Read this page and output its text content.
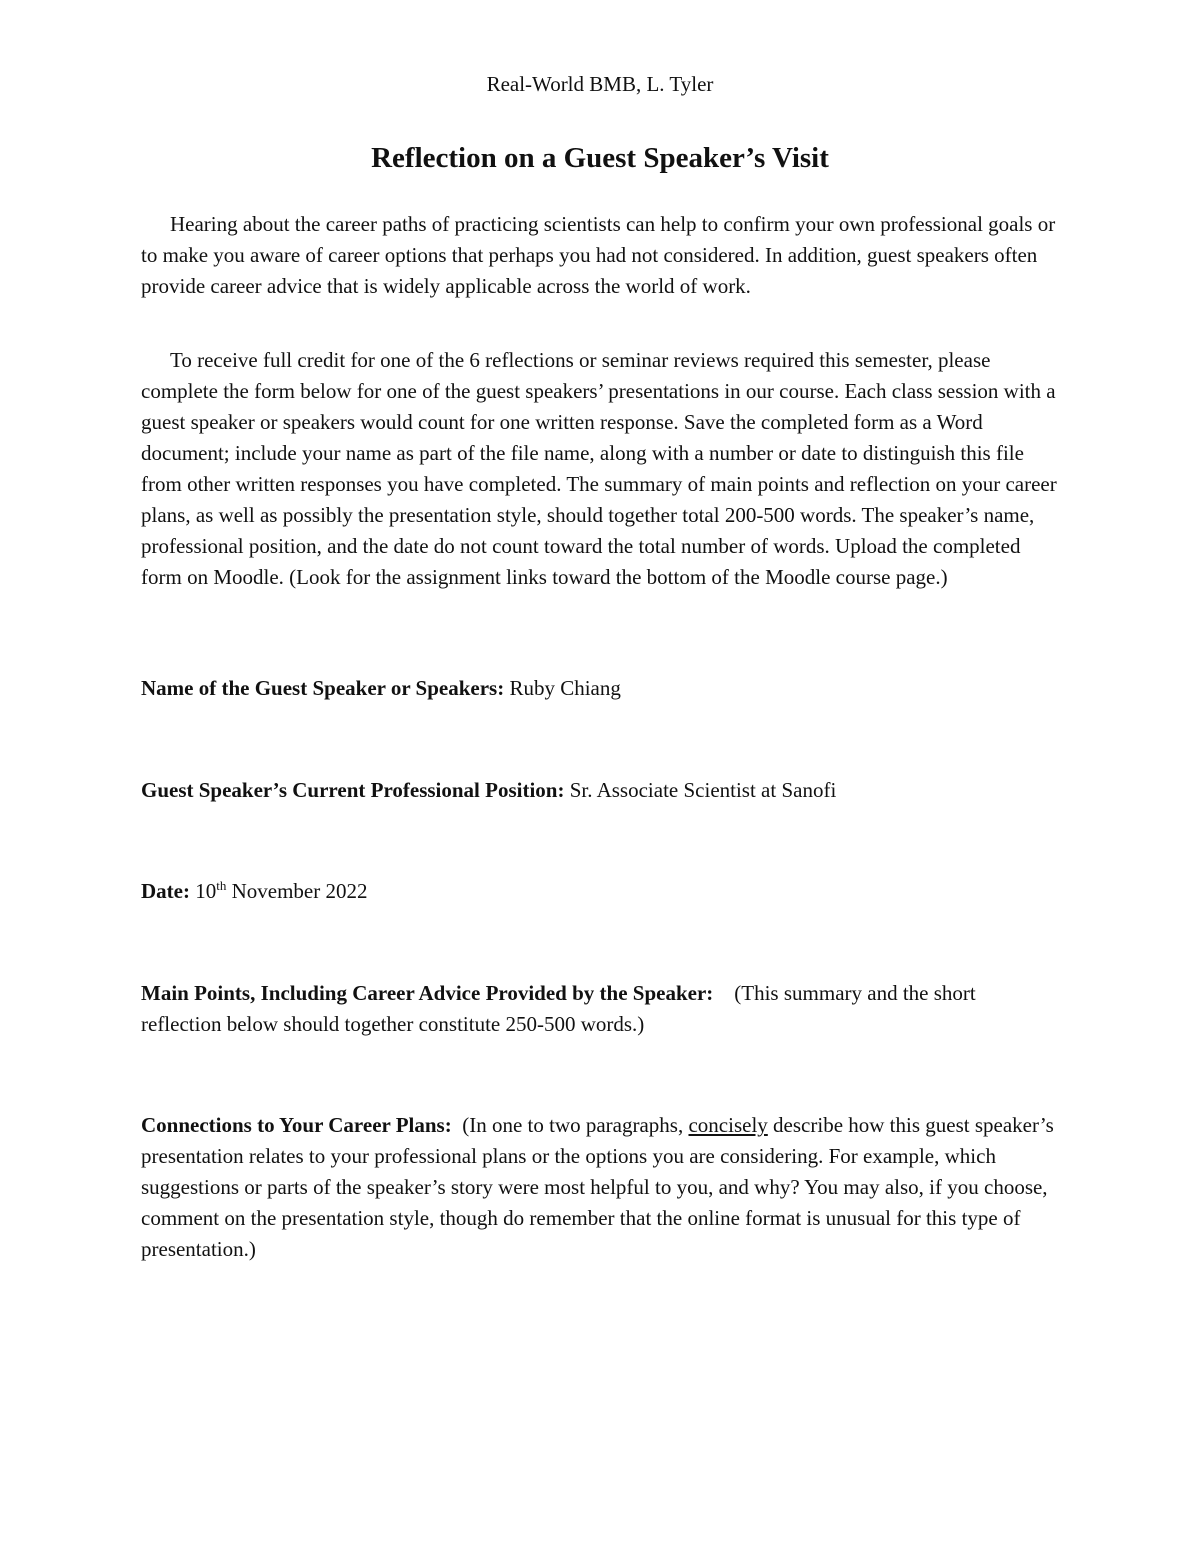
Real-World BMB, L. Tyler
Reflection on a Guest Speaker’s Visit

Hearing about the career paths of practicing scientists can help to confirm your own professional goals or to make you aware of career options that perhaps you had not considered. In addition, guest speakers often provide career advice that is widely applicable across the world of work.

To receive full credit for one of the 6 reflections or seminar reviews required this semester, please complete the form below for one of the guest speakers’ presentations in our course. Each class session with a guest speaker or speakers would count for one written response. Save the completed form as a Word document; include your name as part of the file name, along with a number or date to distinguish this file from other written responses you have completed. The summary of main points and reflection on your career plans, as well as possibly the presentation style, should together total 200-500 words. The speaker’s name, professional position, and the date do not count toward the total number of words. Upload the completed form on Moodle. (Look for the assignment links toward the bottom of the Moodle course page.)

Name of the Guest Speaker or Speakers: Ruby Chiang

Guest Speaker’s Current Professional Position: Sr. Associate Scientist at Sanofi

Date: 10th November 2022

Main Points, Including Career Advice Provided by the Speaker: (This summary and the short reflection below should together constitute 250-500 words.)

Connections to Your Career Plans: (In one to two paragraphs, concisely describe how this guest speaker’s presentation relates to your professional plans or the options you are considering. For example, which suggestions or parts of the speaker’s story were most helpful to you, and why? You may also, if you choose, comment on the presentation style, though do remember that the online format is unusual for this type of presentation.)
